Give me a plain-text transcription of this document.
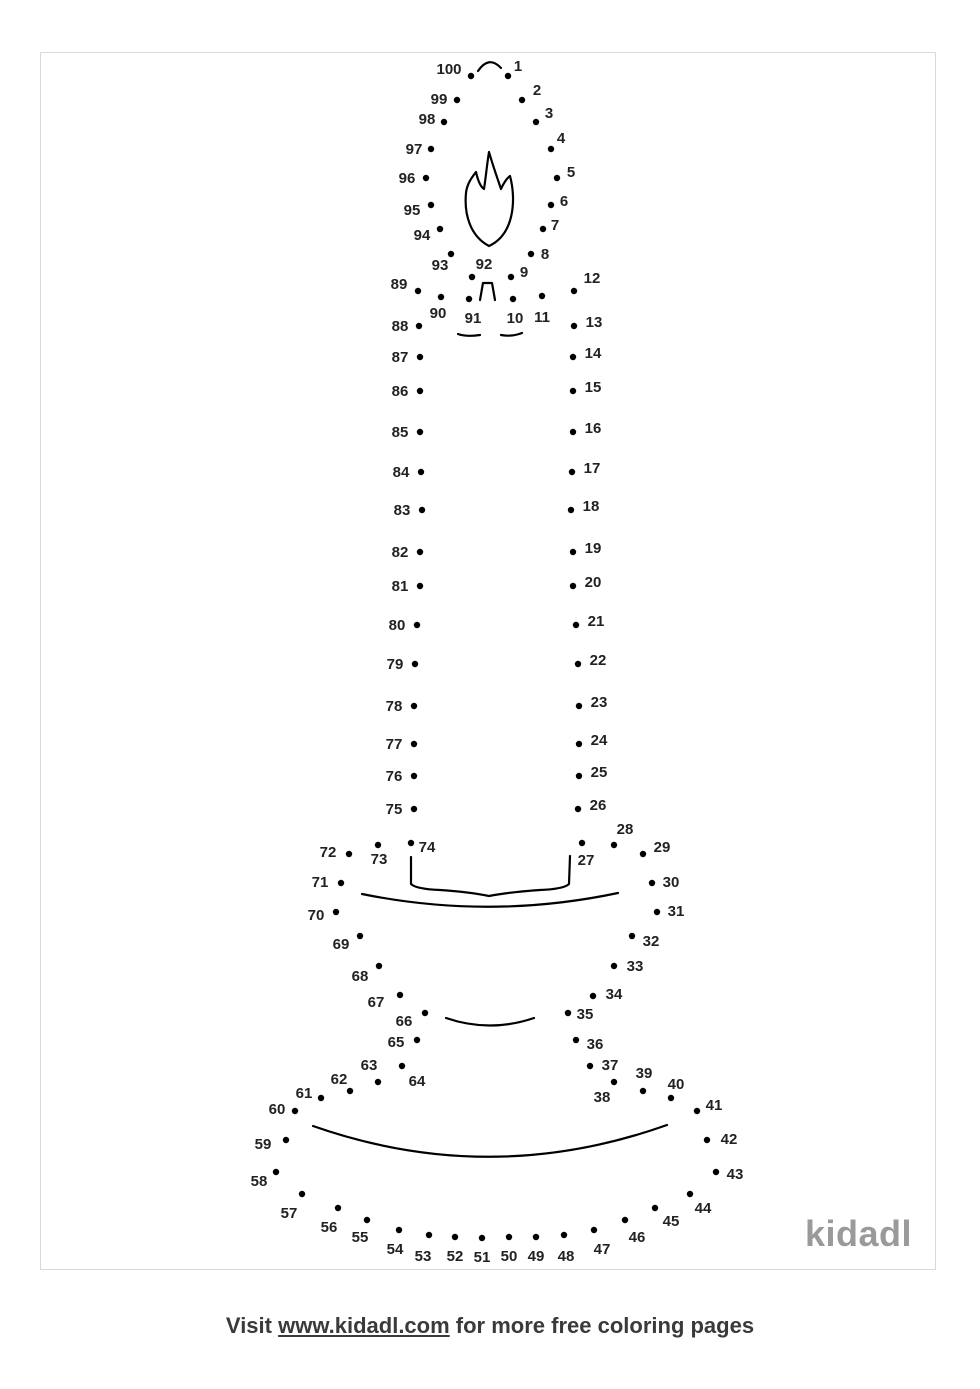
1
2
3
4
5
6
7
8
9
10 11
12
13
14
15
16
17
18
19
20
21
22
23
24
25
26
27
28
29
30
31
32
33
34
35
36
37
38
39
40
41
42
43
44
45
46
47
48
49
50
51
52
53
54
55
56
57
58
59
60
61
62
63
64
65
66
67
68
69
70
71
72 73
74
75
76
77
78
79
80
81
82
83
84
85
86
87
88
89
90 91
92
93
94
95
96
97
98
99
100
kidadl
Visit www.kidadl.com for more free coloring pages
